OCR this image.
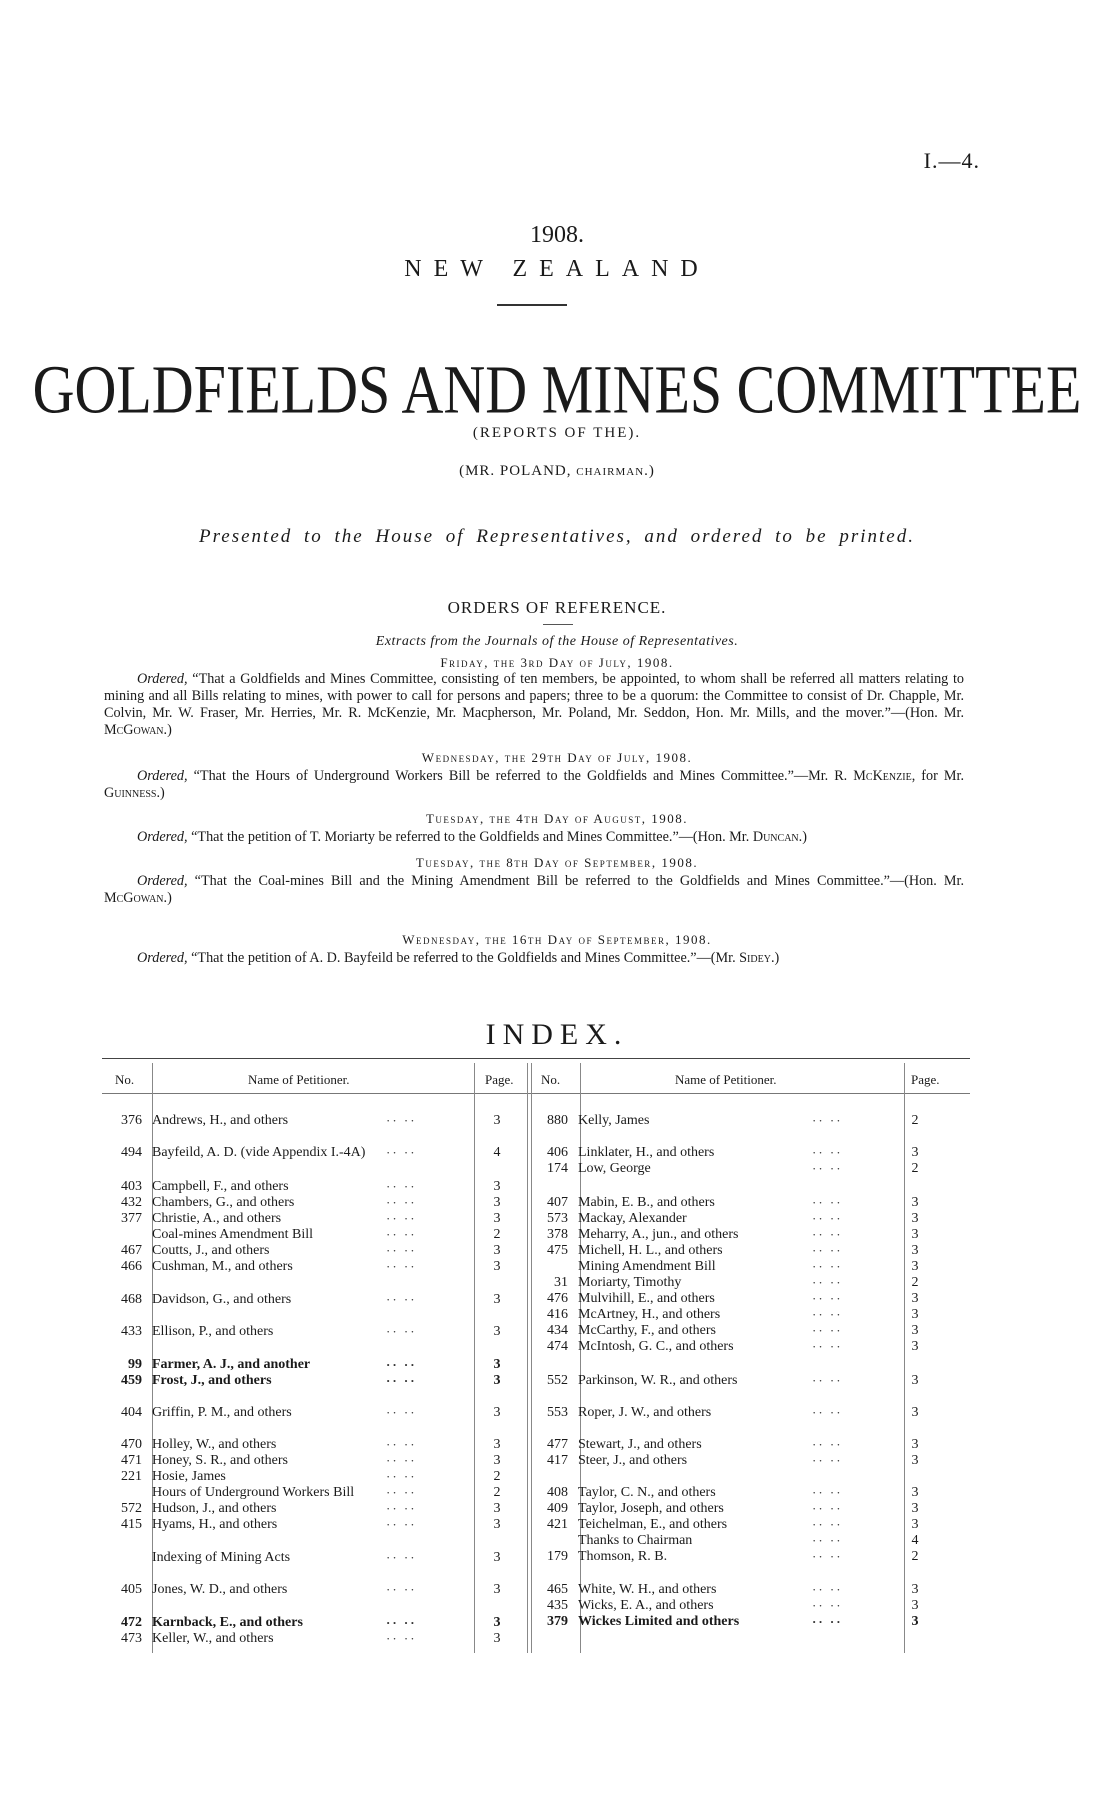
I.—4.
1908.
NEW ZEALAND
GOLDFIELDS AND MINES COMMITTEE
(REPORTS OF THE).
(MR. POLAND, CHAIRMAN.)
Presented to the House of Representatives, and ordered to be printed.
ORDERS OF REFERENCE.
Extracts from the Journals of the House of Representatives.
Friday, the 3rd Day of July, 1908.
Ordered, “That a Goldfields and Mines Committee, consisting of ten members, be appointed, to whom shall be referred all matters relating to mining and all Bills relating to mines, with power to call for persons and papers; three to be a quorum: the Committee to consist of Dr. Chapple, Mr. Colvin, Mr. W. Fraser, Mr. Herries, Mr. R. McKenzie, Mr. Macpherson, Mr. Poland, Mr. Seddon, Hon. Mr. Mills, and the mover.”—(Hon. Mr. McGowan.)
Wednesday, the 29th Day of July, 1908.
Ordered, “That the Hours of Underground Workers Bill be referred to the Goldfields and Mines Committee.”—Mr. R. McKenzie, for Mr. Guinness.)
Tuesday, the 4th Day of August, 1908.
Ordered, “That the petition of T. Moriarty be referred to the Goldfields and Mines Committee.”—(Hon. Mr. Duncan.)
Tuesday, the 8th Day of September, 1908.
Ordered, “That the Coal-mines Bill and the Mining Amendment Bill be referred to the Goldfields and Mines Committee.”—(Hon. Mr. McGowan.)
Wednesday, the 16th Day of September, 1908.
Ordered, “That the petition of A. D. Bayfeild be referred to the Goldfields and Mines Committee.”—(Mr. Sidey.)
INDEX.
No.	Name of Petitioner.	Page. No.	Name of Petitioner.	Page.
376 Andrews, H., and others	·· ··	3
494 Bayfeild, A. D. (vide Appendix I.-4A)	·· ··	4
403 Campbell, F., and others	·· ··	3
432 Chambers, G., and others	·· ··	3
377 Christie, A., and others	·· ··	3
Coal-mines Amendment Bill	·· ··	2
467 Coutts, J., and others	·· ··	3
466 Cushman, M., and others	·· ··	3
468 Davidson, G., and others	·· ··	3
433 Ellison, P., and others	·· ··	3
99 Farmer, A. J., and another	·· ··	3
459 Frost, J., and others	·· ··	3
404 Griffin, P. M., and others	·· ··	3
470 Holley, W., and others	·· ··	3
471 Honey, S. R., and others	·· ··	3
221 Hosie, James	·· ··	2
Hours of Underground Workers Bill	·· ··	2
572 Hudson, J., and others	·· ··	3
415 Hyams, H., and others	·· ··	3
Indexing of Mining Acts	·· ··	3
405 Jones, W. D., and others	·· ··	3
472 Karnback, E., and others	·· ··	3
473 Keller, W., and others	·· ··	3
880 Kelly, James	·· ··	2
406 Linklater, H., and others	·· ··	3
174 Low, George	·· ··	2
407 Mabin, E. B., and others	·· ··	3
573 Mackay, Alexander	·· ··	3
378 Meharry, A., jun., and others	·· ··	3
475 Michell, H. L., and others	·· ··	3
Mining Amendment Bill	·· ··	3
31 Moriarty, Timothy	·· ··	2
476 Mulvihill, E., and others	·· ··	3
416 McArtney, H., and others	·· ··	3
434 McCarthy, F., and others	·· ··	3
474 McIntosh, G. C., and others	·· ··	3
552 Parkinson, W. R., and others	·· ··	3
553 Roper, J. W., and others	·· ··	3
477 Stewart, J., and others	·· ··	3
417 Steer, J., and others	·· ··	3
408 Taylor, C. N., and others	·· ··	3
409 Taylor, Joseph, and others	·· ··	3
421 Teichelman, E., and others	·· ··	3
Thanks to Chairman	·· ··	4
179 Thomson, R. B.	·· ··	2
465 White, W. H., and others	·· ··	3
435 Wicks, E. A., and others	·· ··	3
379 Wickes Limited and others	·· ··	3
